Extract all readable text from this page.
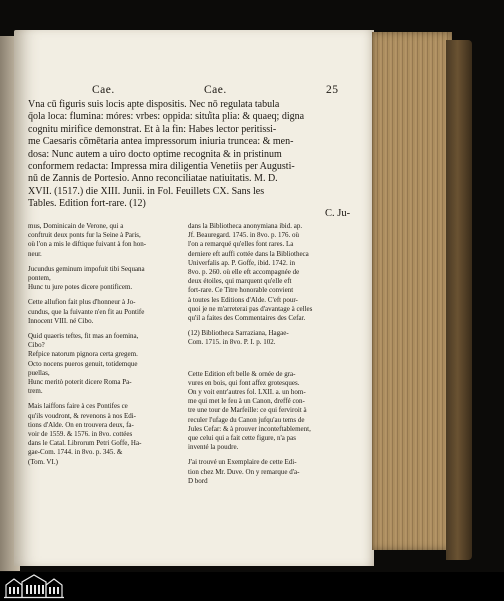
Cae.	Cae.	25
Vna cū figuris suis locis apte dispositis. Nec nō regulata tabula
q̄ola loca: flumina: móres: vrbes: oppida: situ̾ita plia: & quaeq; digna
cognitu mirifice demonstrat. Et à la fin: Habes lector peritissi-
me Caesaris cōmētaria antea impressorum iniuria truncea: & men-
dosa: Nunc autem a uiro docto optime recognita & in pristinum
conformem redacta: Impressa mira diligentia Venetiis per Augusti-
nū de Zannis de Portesio. Anno reconciliatae natiuitatis. M. D.
XVII. (1517.) die XIII. Junii. in Fol. Feuillets CX. Sans les
Tables. Edition fort-rare. (12)
C. Ju-

mus, Dominicain de Verone, qui a

conftruit deux ponts fur la Seine à Paris,

où l'on a mis le diftique fuivant à fon hon-

neur.

Jucundus geminum impofuit tibi Sequana

pontem,

Hunc tu jure potes dicere pontificem.

Cette allufion fait plus d'honneur à Jo-

cundus, que la fuivante n'en fit au Pontife

Innocent VIII. né Cibo.

Quid quaeris teftes, fit mas an foemina,

Cibo?

Refpice natorum pignora certa gregem.

Octo nocens pueros genuit, totidemque

puellas,

Hunc meritò poterit dicere Roma Pa-

trem.

Mais laiffons faire à ces Pontifes ce

qu'ils voudront, & revenons à nos Edi-

tions d'Alde. On en trouvera deux, fa-

voir de 1559. & 1576. in 8vo. cottées

dans le Catal. Librorum Petri Goffe, Ha-

gae-Com. 1744. in 8vo. p. 345. &

(Tom. VI.)

dans la Bibliotheca anonymiana ibid. ap.

Jf. Beauregard. 1745. in 8vo. p. 176. où

l'on a remarqué qu'elles font rares. La

derniere eft auffi cottée dans la Bibliotheca

Univerfalis ap. P. Goffe, ibid. 1742. in

8vo. p. 260. où elle eft accompagnée de

deux étoiles, qui marquent qu'elle eft

fort-rare. Ce Titre honorable convient

à toutes les Editions d'Alde. C'eft pour-

quoi je ne m'arreterai pas d'avantage à celles

qu'il a faites des Commentaires des Cefar.

(12) Bibliotheca Sarraziana, Hagae-

Com. 1715. in 8vo. P. I. p. 102.

Cette Edition eft belle & ornée de gra-

vures en bois, qui font affez grotesques.

On y voit entr'autres fol. LXII. a. un hom-

me qui met le feu à un Canon, dreffé con-

tre une tour de Marfeille: ce qui ferviroit à

reculer l'ufage du Canon jufqu'au tems de

Jules Cefar: & à prouver inconteftablement,

que celui qui a fait cette figure, n'a pas

inventé la poudre.

J'ai trouvé un Exemplaire de cette Edi-

tion chez Mr. Duve. On y remarque d'a-

D bord
